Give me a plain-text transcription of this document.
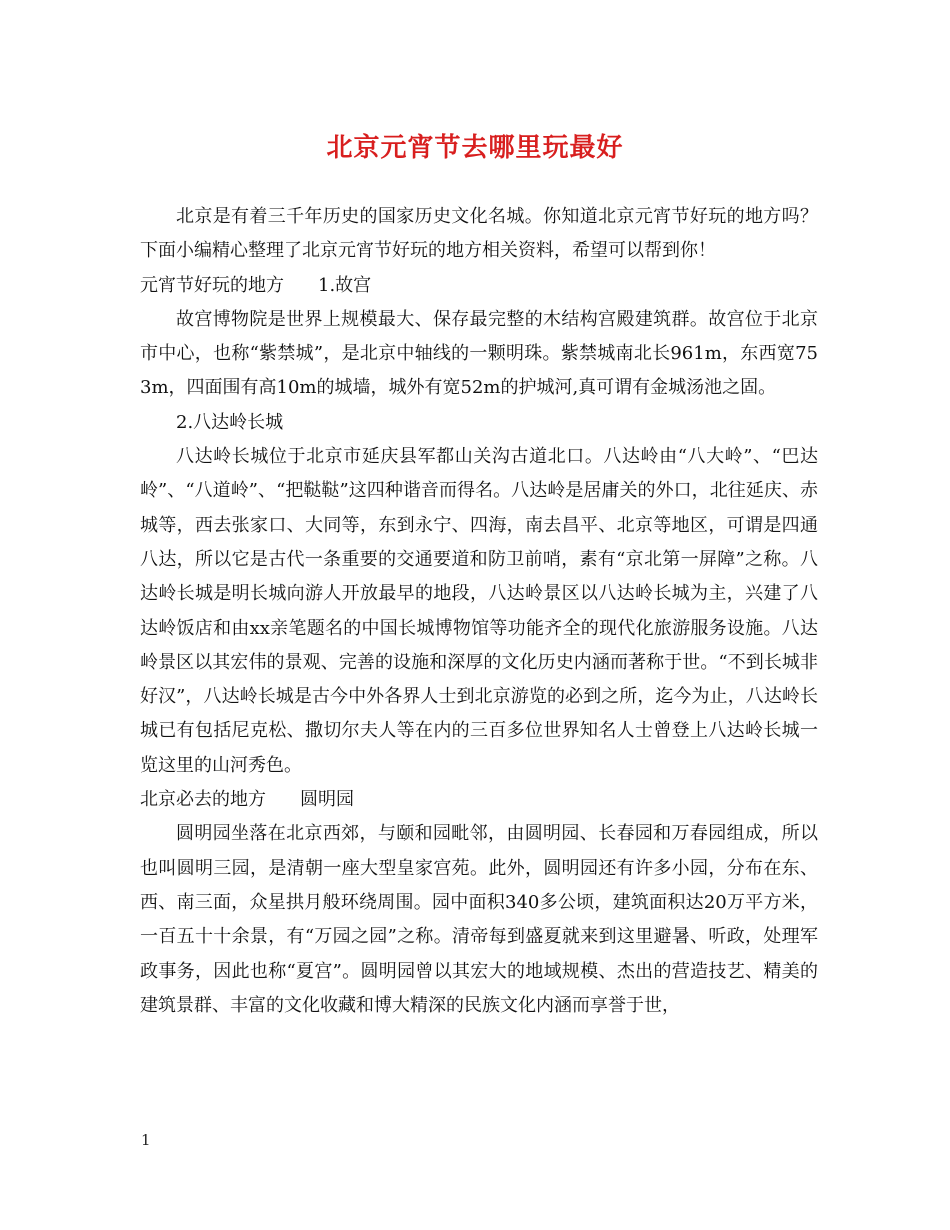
北京元宵节去哪里玩最好

北京是有着三千年历史的国家历史文化名城。你知道北京元宵节好玩的地方吗？下面小编精心整理了北京元宵节好玩的地方相关资料，希望可以帮到你！

元宵节好玩的地方 1.故宫

故宫博物院是世界上规模最大、保存最完整的木结构宫殿建筑群。故宫位于北京市中心，也称“紫禁城”，是北京中轴线的一颗明珠。紫禁城南北长961m，东西宽753m，四面围有高10m的城墙，城外有宽52m的护城河,真可谓有金城汤池之固。

2.八达岭长城

八达岭长城位于北京市延庆县军都山关沟古道北口。八达岭由“八大岭”、“巴达岭”、“八道岭”、“把鞑鞑”这四种谐音而得名。八达岭是居庸关的外口，北往延庆、赤城等，西去张家口、大同等，东到永宁、四海，南去昌平、北京等地区，可谓是四通八达，所以它是古代一条重要的交通要道和防卫前哨，素有“京北第一屏障”之称。八达岭长城是明长城向游人开放最早的地段，八达岭景区以八达岭长城为主，兴建了八达岭饭店和由xx亲笔题名的中国长城博物馆等功能齐全的现代化旅游服务设施。八达岭景区以其宏伟的景观、完善的设施和深厚的文化历史内涵而著称于世。“不到长城非好汉”，八达岭长城是古今中外各界人士到北京游览的必到之所，迄今为止，八达岭长城已有包括尼克松、撒切尔夫人等在内的三百多位世界知名人士曾登上八达岭长城一览这里的山河秀色。

北京必去的地方 圆明园

圆明园坐落在北京西郊，与颐和园毗邻，由圆明园、长春园和万春园组成，所以也叫圆明三园，是清朝一座大型皇家宫苑。此外，圆明园还有许多小园，分布在东、西、南三面，众星拱月般环绕周围。园中面积340多公顷，建筑面积达20万平方米，一百五十十余景，有“万园之园”之称。清帝每到盛夏就来到这里避暑、听政，处理军政事务，因此也称“夏宫”。圆明园曾以其宏大的地域规模、杰出的营造技艺、精美的建筑景群、丰富的文化收藏和博大精深的民族文化内涵而享誉于世，

1
